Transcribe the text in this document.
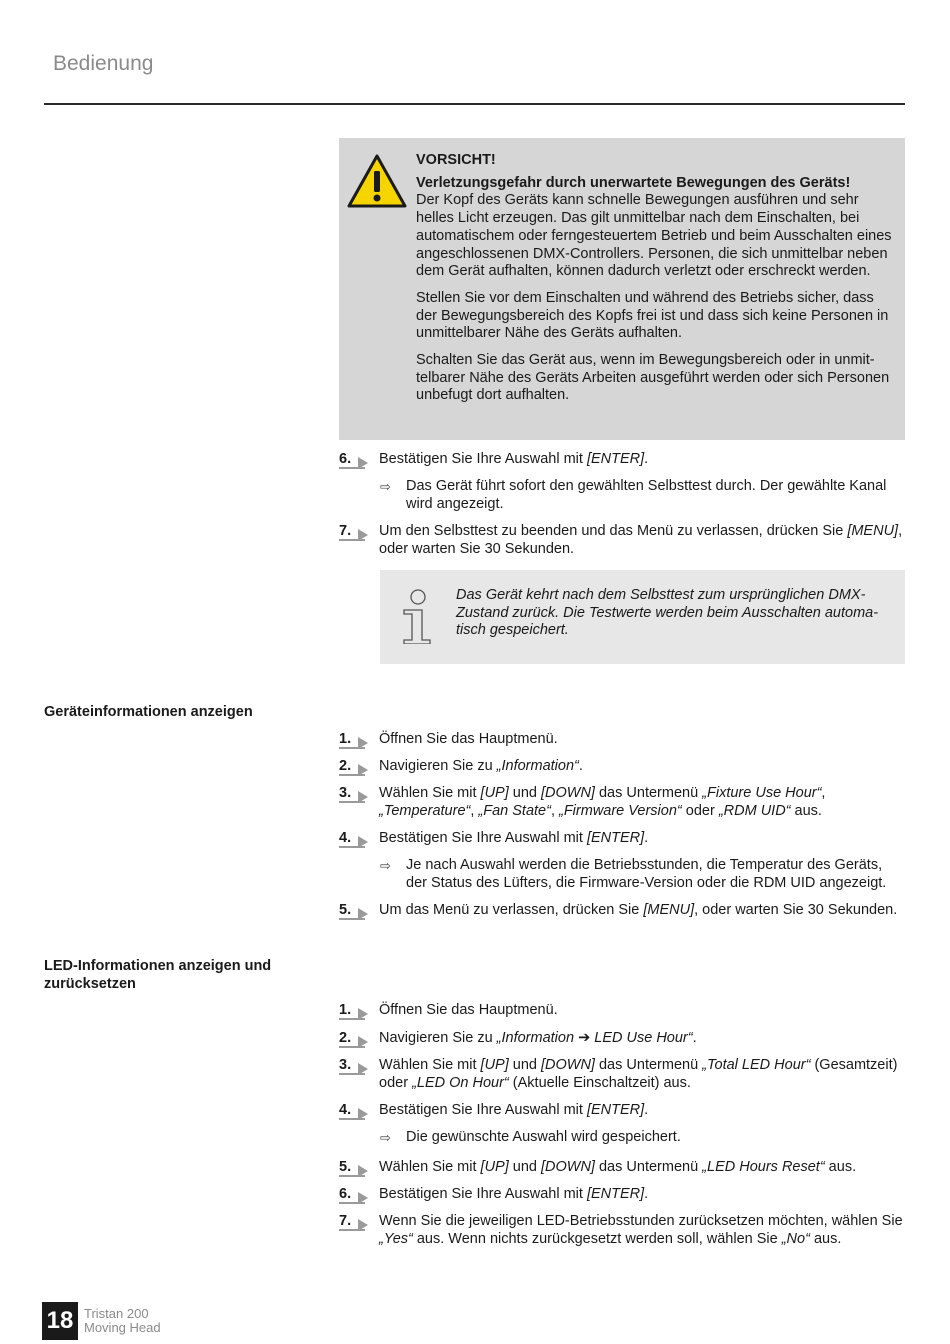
Bedienung

VORSICHT!

Verletzungsgefahr durch unerwartete Bewegungen des Geräts!

Der Kopf des Geräts kann schnelle Bewegungen ausführen und sehr helles Licht erzeugen. Das gilt unmittelbar nach dem Einschalten, bei automatischem oder ferngesteuertem Betrieb und beim Ausschalten eines angeschlossenen DMX-Controllers. Personen, die sich unmittelbar neben dem Gerät aufhalten, können dadurch verletzt oder erschreckt werden.

Stellen Sie vor dem Einschalten und während des Betriebs sicher, dass der Bewegungsbereich des Kopfs frei ist und dass sich keine Personen in unmittelbarer Nähe des Geräts aufhalten.

Schalten Sie das Gerät aus, wenn im Bewegungsbereich oder in unmittelbarer Nähe des Geräts Arbeiten ausgeführt werden oder sich Personen unbefugt dort aufhalten.

6.	Bestätigen Sie Ihre Auswahl mit [ENTER].
⇨ Das Gerät führt sofort den gewählten Selbsttest durch. Der gewählte Kanal wird angezeigt.
7.	Um den Selbsttest zu beenden und das Menü zu verlassen, drücken Sie [MENU], oder warten Sie 30 Sekunden.
Das Gerät kehrt nach dem Selbsttest zum ursprünglichen DMX-Zustand zurück. Die Testwerte werden beim Ausschalten automatisch gespeichert.
Geräteinformationen anzeigen
1.	Öffnen Sie das Hauptmenü.
2.	Navigieren Sie zu „Information“.
3.	Wählen Sie mit [UP] und [DOWN] das Untermenü „Fixture Use Hour“, „Temperature“, „Fan State“, „Firmware Version“ oder „RDM UID“ aus.
4.	Bestätigen Sie Ihre Auswahl mit [ENTER].
⇨ Je nach Auswahl werden die Betriebsstunden, die Temperatur des Geräts, der Status des Lüfters, die Firmware-Version oder die RDM UID angezeigt.
5.	Um das Menü zu verlassen, drücken Sie [MENU], oder warten Sie 30 Sekunden.
LED-Informationen anzeigen und zurücksetzen
1.	Öffnen Sie das Hauptmenü.
2.	Navigieren Sie zu „Information ➔ LED Use Hour“.
3.	Wählen Sie mit [UP] und [DOWN] das Untermenü „Total LED Hour“ (Gesamtzeit) oder „LED On Hour“ (Aktuelle Einschaltzeit) aus.
4.	Bestätigen Sie Ihre Auswahl mit [ENTER].
⇨ Die gewünschte Auswahl wird gespeichert.
5.	Wählen Sie mit [UP] und [DOWN] das Untermenü „LED Hours Reset“ aus.
6.	Bestätigen Sie Ihre Auswahl mit [ENTER].
7.	Wenn Sie die jeweiligen LED-Betriebsstunden zurücksetzen möchten, wählen Sie „Yes“ aus. Wenn nichts zurückgesetzt werden soll, wählen Sie „No“ aus.
18 Tristan 200
Moving Head
